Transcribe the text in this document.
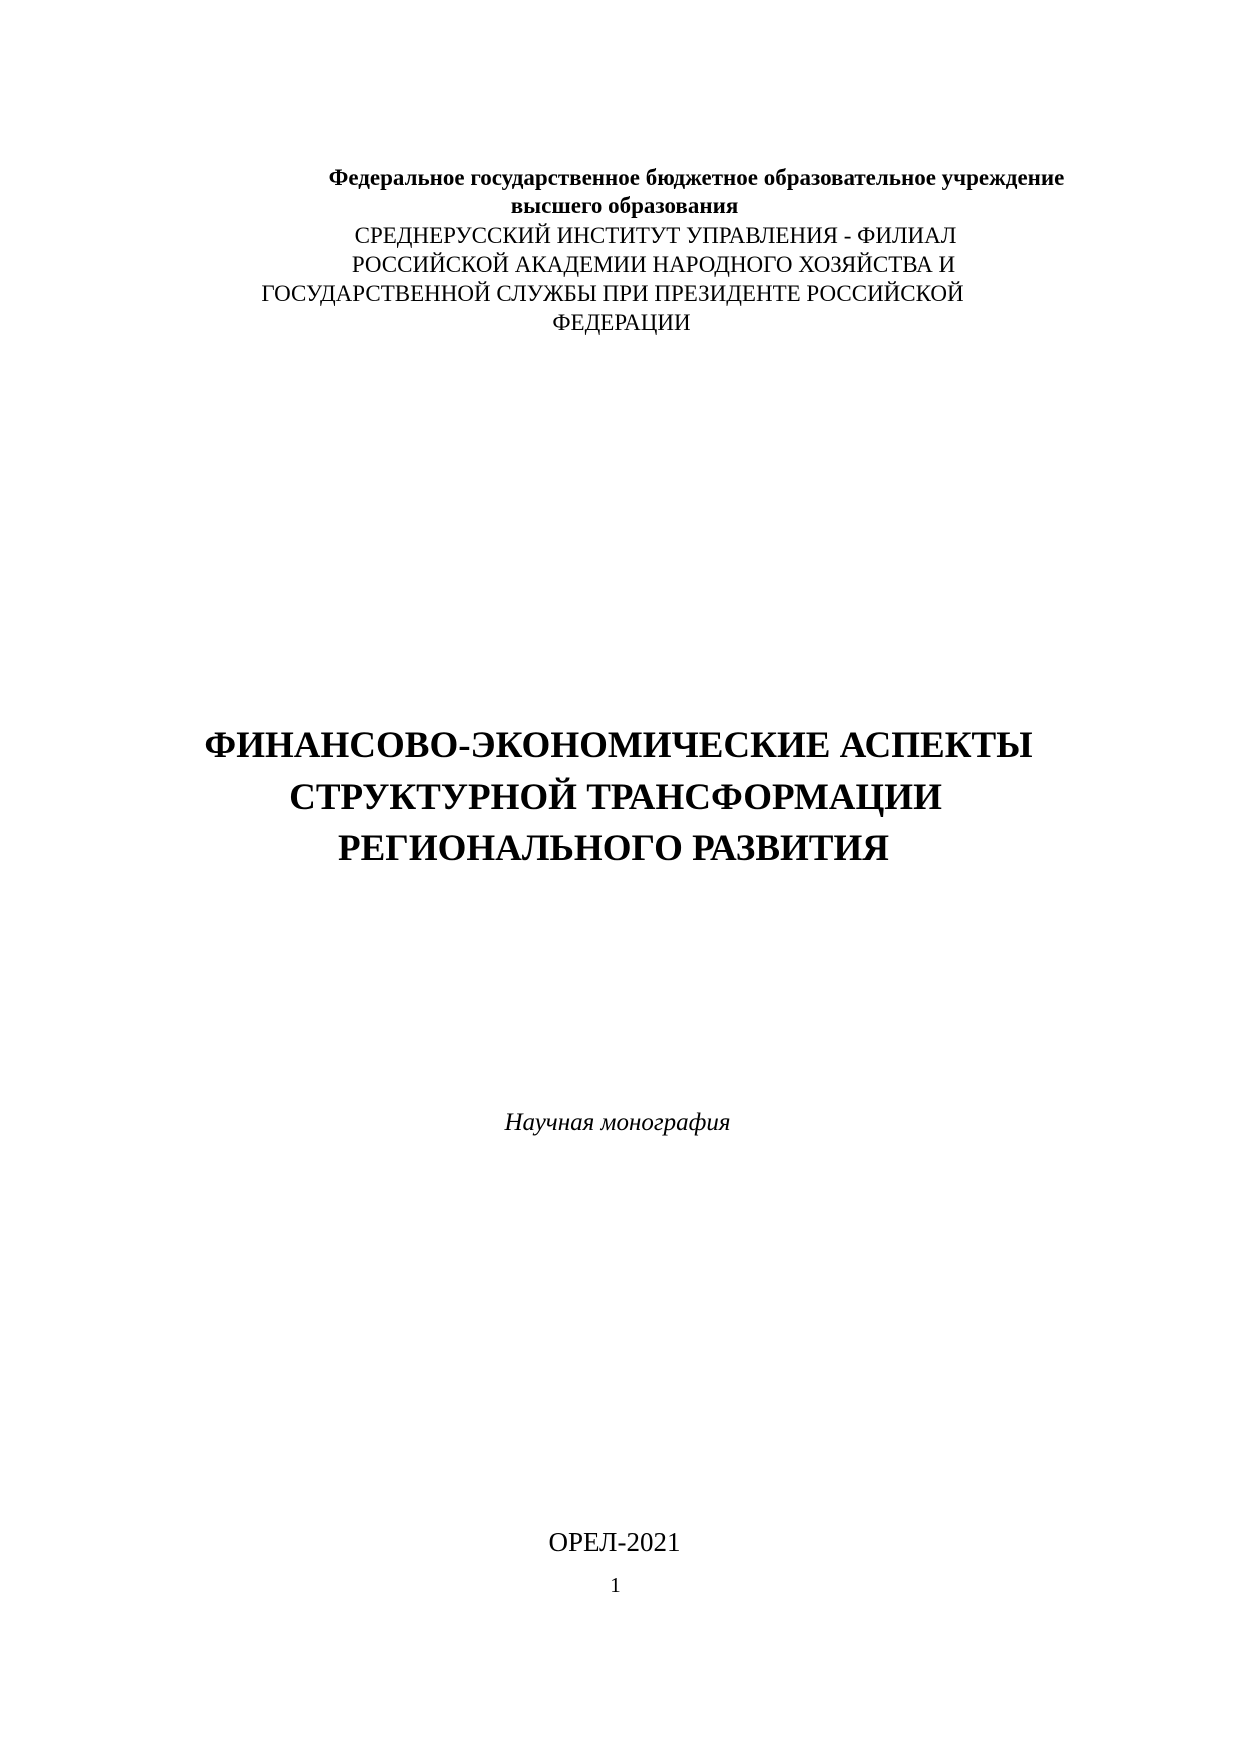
Федеральное государственное бюджетное образовательное учреждение
высшего образования
СРЕДНЕРУССКИЙ ИНСТИТУТ УПРАВЛЕНИЯ - ФИЛИАЛ
РОССИЙСКОЙ АКАДЕМИИ НАРОДНОГО ХОЗЯЙСТВА И
ГОСУДАРСТВЕННОЙ СЛУЖБЫ ПРИ ПРЕЗИДЕНТЕ РОССИЙСКОЙ
ФЕДЕРАЦИИ
ФИНАНСОВО-ЭКОНОМИЧЕСКИЕ АСПЕКТЫ
СТРУКТУРНОЙ ТРАНСФОРМАЦИИ
РЕГИОНАЛЬНОГО РАЗВИТИЯ
Научная монография
ОРЕЛ-2021
1
